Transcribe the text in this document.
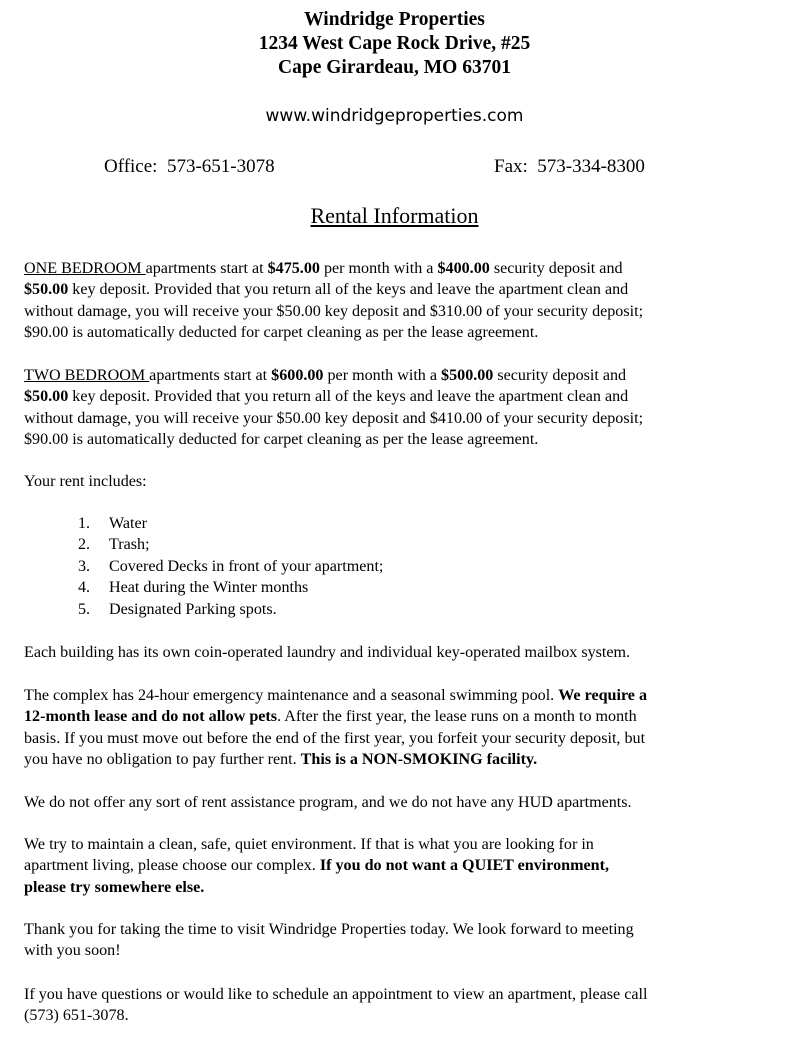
Windridge Properties
1234 West Cape Rock Drive, #25
Cape Girardeau, MO 63701
www.windridgeproperties.com
Office: 573-651-3078	Fax: 573-334-8300
Rental Information
ONE BEDROOM apartments start at $475.00 per month with a $400.00 security deposit and
$50.00 key deposit. Provided that you return all of the keys and leave the apartment clean and
without damage, you will receive your $50.00 key deposit and $310.00 of your security deposit;
$90.00 is automatically deducted for carpet cleaning as per the lease agreement.
TWO BEDROOM apartments start at $600.00 per month with a $500.00 security deposit and
$50.00 key deposit. Provided that you return all of the keys and leave the apartment clean and
without damage, you will receive your $50.00 key deposit and $410.00 of your security deposit;
$90.00 is automatically deducted for carpet cleaning as per the lease agreement.
Your rent includes:
1. Water
2. Trash;
3. Covered Decks in front of your apartment;
4. Heat during the Winter months
5. Designated Parking spots.
Each building has its own coin-operated laundry and individual key-operated mailbox system.
The complex has 24-hour emergency maintenance and a seasonal swimming pool. We require a
12-month lease and do not allow pets. After the first year, the lease runs on a month to month
basis. If you must move out before the end of the first year, you forfeit your security deposit, but
you have no obligation to pay further rent. This is a NON-SMOKING facility.
We do not offer any sort of rent assistance program, and we do not have any HUD apartments.
We try to maintain a clean, safe, quiet environment. If that is what you are looking for in
apartment living, please choose our complex. If you do not want a QUIET environment,
please try somewhere else.
Thank you for taking the time to visit Windridge Properties today. We look forward to meeting
with you soon!
If you have questions or would like to schedule an appointment to view an apartment, please call
(573) 651-3078.
